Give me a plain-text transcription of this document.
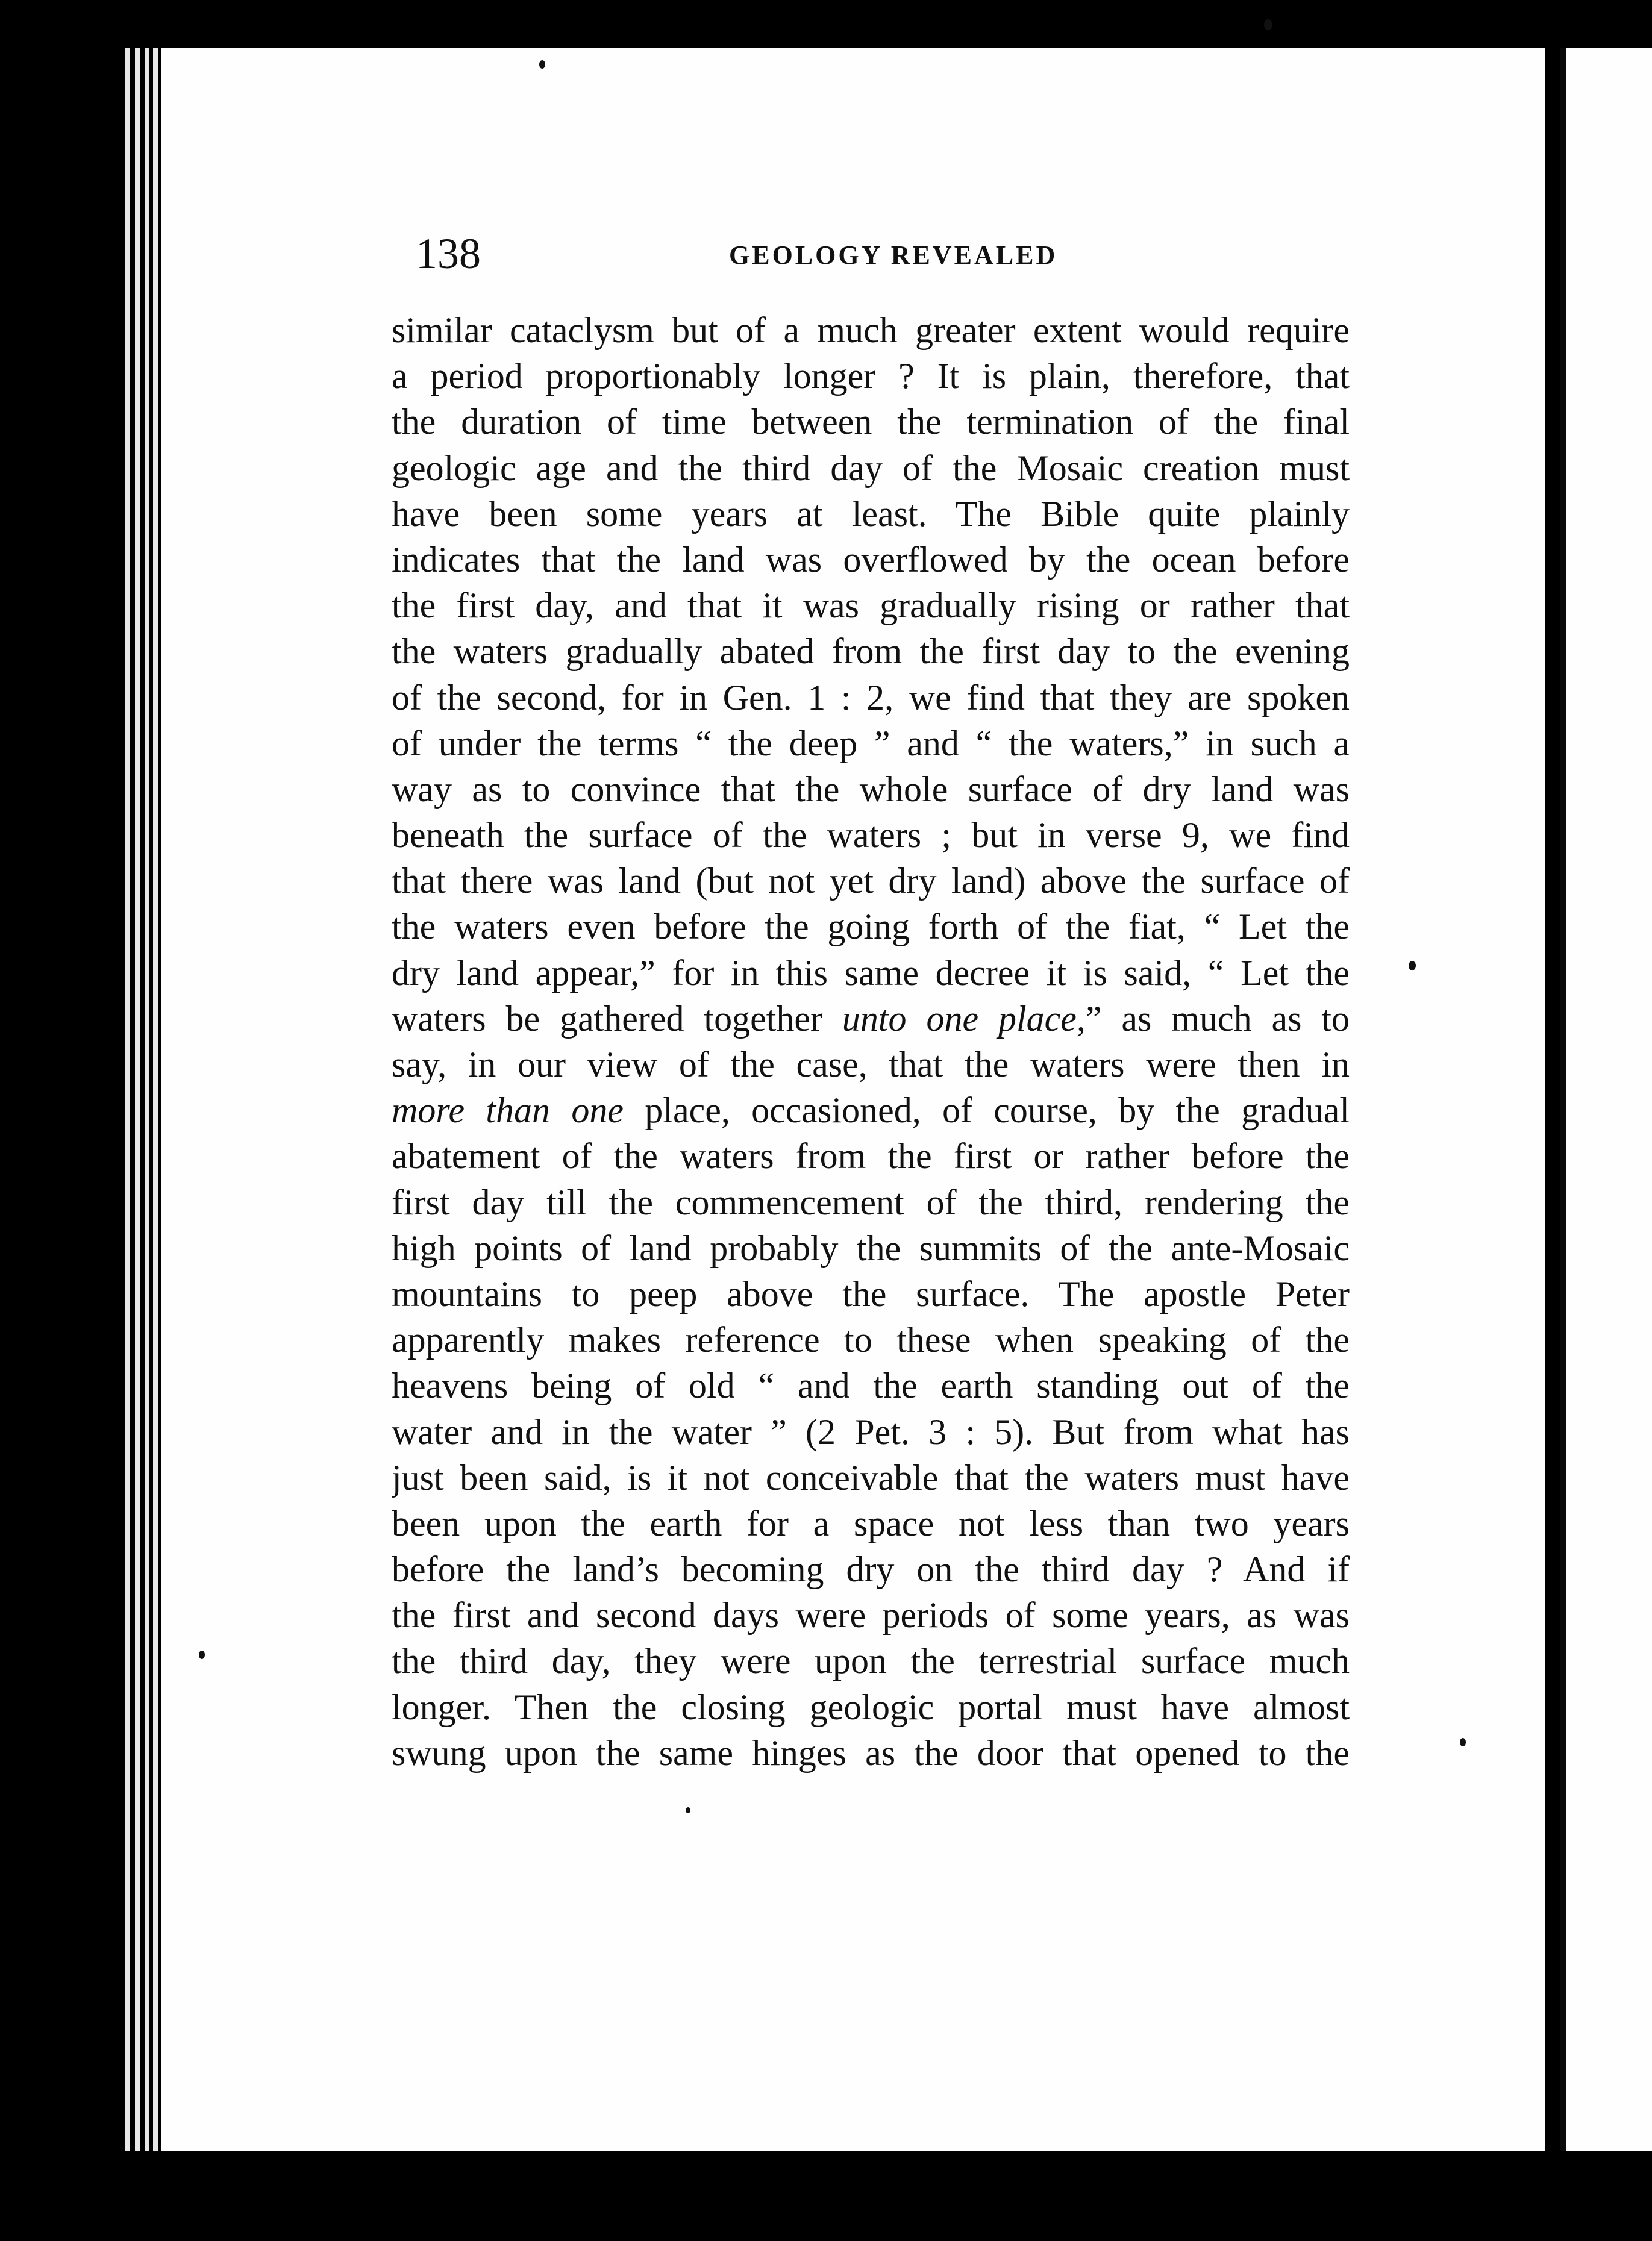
138	GEOLOGY REVEALED
similar cataclysm but of a much greater extent would require
a period proportionably longer ? It is plain, therefore, that
the duration of time between the termination of the final
geologic age and the third day of the Mosaic creation must
have been some years at least. The Bible quite plainly
indicates that the land was overflowed by the ocean before
the first day, and that it was gradually rising or rather that
the waters gradually abated from the first day to the evening
of the second, for in Gen. 1 : 2, we find that they are spoken
of under the terms “ the deep ” and “ the waters,” in such a
way as to convince that the whole surface of dry land was
beneath the surface of the waters ; but in verse 9, we find
that there was land (but not yet dry land) above the surface of
the waters even before the going forth of the fiat, “ Let the
dry land appear,” for in this same decree it is said, “ Let the
waters be gathered together unto one place,” as much as to
say, in our view of the case, that the waters were then in
more than one place, occasioned, of course, by the gradual
abatement of the waters from the first or rather before the
first day till the commencement of the third, rendering the
high points of land probably the summits of the ante-Mosaic
mountains to peep above the surface. The apostle Peter
apparently makes reference to these when speaking of the
heavens being of old “ and the earth standing out of the
water and in the water ” (2 Pet. 3 : 5). But from what has
just been said, is it not conceivable that the waters must have
been upon the earth for a space not less than two years
before the land’s becoming dry on the third day ? And if
the first and second days were periods of some years, as was
the third day, they were upon the terrestrial surface much
longer. Then the closing geologic portal must have almost
swung upon the same hinges as the door that opened to the
